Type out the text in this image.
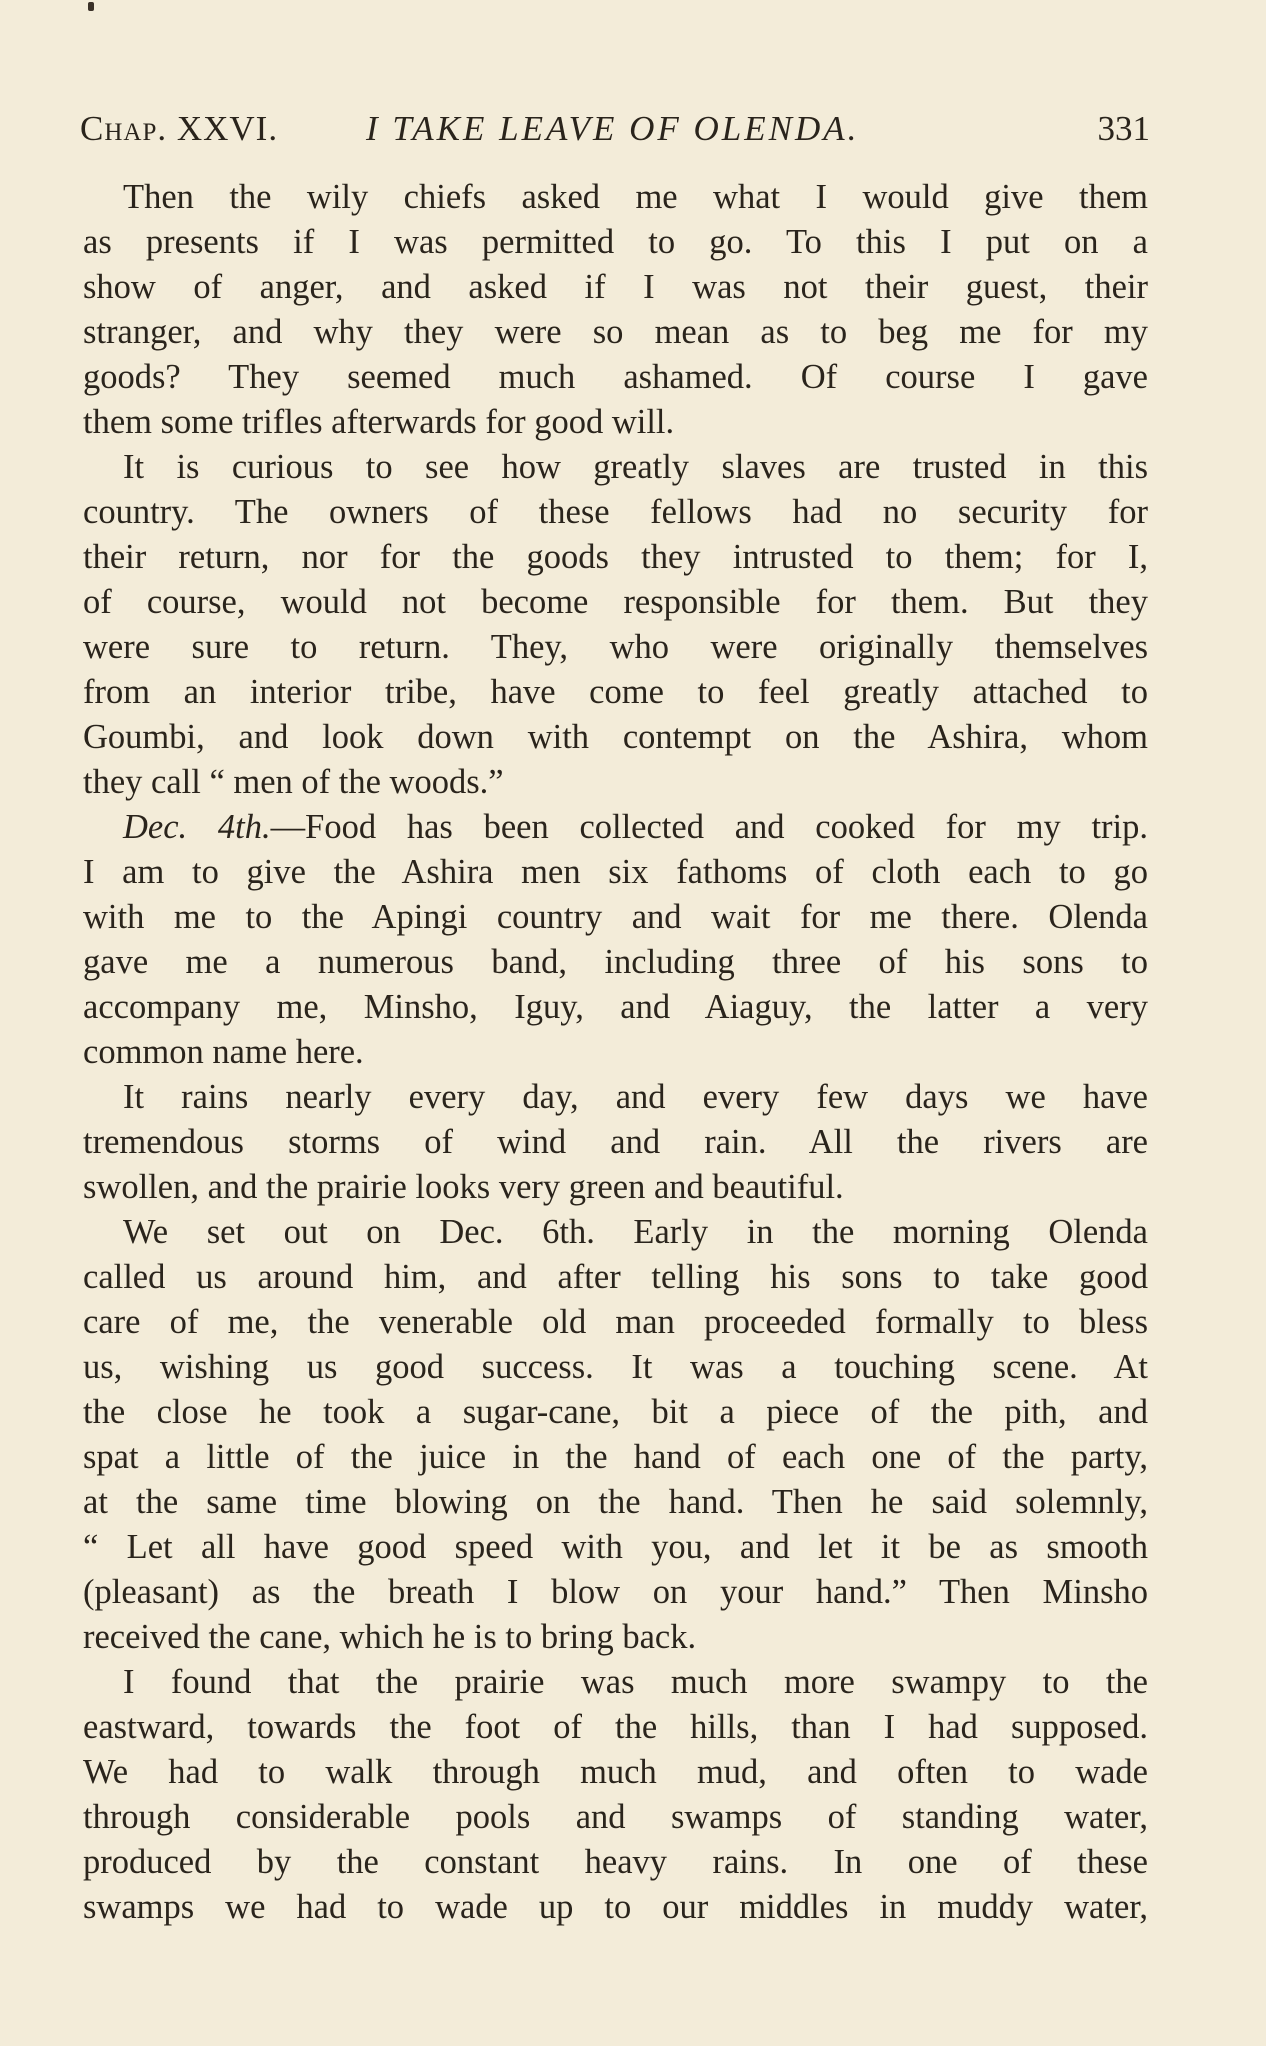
Chap. XXVI.	I TAKE LEAVE OF OLENDA.	331
Then the wily chiefs asked me what I would give them
as presents if I was permitted to go. To this I put on a
show of anger, and asked if I was not their guest, their
stranger, and why they were so mean as to beg me for my
goods? They seemed much ashamed. Of course I gave
them some trifles afterwards for good will.
It is curious to see how greatly slaves are trusted in this
country. The owners of these fellows had no security for
their return, nor for the goods they intrusted to them; for I,
of course, would not become responsible for them. But they
were sure to return. They, who were originally themselves
from an interior tribe, have come to feel greatly attached to
Goumbi, and look down with contempt on the Ashira, whom
they call “ men of the woods.”
Dec. 4th.—Food has been collected and cooked for my trip.
I am to give the Ashira men six fathoms of cloth each to go
with me to the Apingi country and wait for me there. Olenda
gave me a numerous band, including three of his sons to
accompany me, Minsho, Iguy, and Aiaguy, the latter a very
common name here.
It rains nearly every day, and every few days we have
tremendous storms of wind and rain. All the rivers are
swollen, and the prairie looks very green and beautiful.
We set out on Dec. 6th. Early in the morning Olenda
called us around him, and after telling his sons to take good
care of me, the venerable old man proceeded formally to bless
us, wishing us good success. It was a touching scene. At
the close he took a sugar-cane, bit a piece of the pith, and
spat a little of the juice in the hand of each one of the party,
at the same time blowing on the hand. Then he said solemnly,
“ Let all have good speed with you, and let it be as smooth
(pleasant) as the breath I blow on your hand.” Then Minsho
received the cane, which he is to bring back.
I found that the prairie was much more swampy to the
eastward, towards the foot of the hills, than I had supposed.
We had to walk through much mud, and often to wade
through considerable pools and swamps of standing water,
produced by the constant heavy rains. In one of these
swamps we had to wade up to our middles in muddy water,
